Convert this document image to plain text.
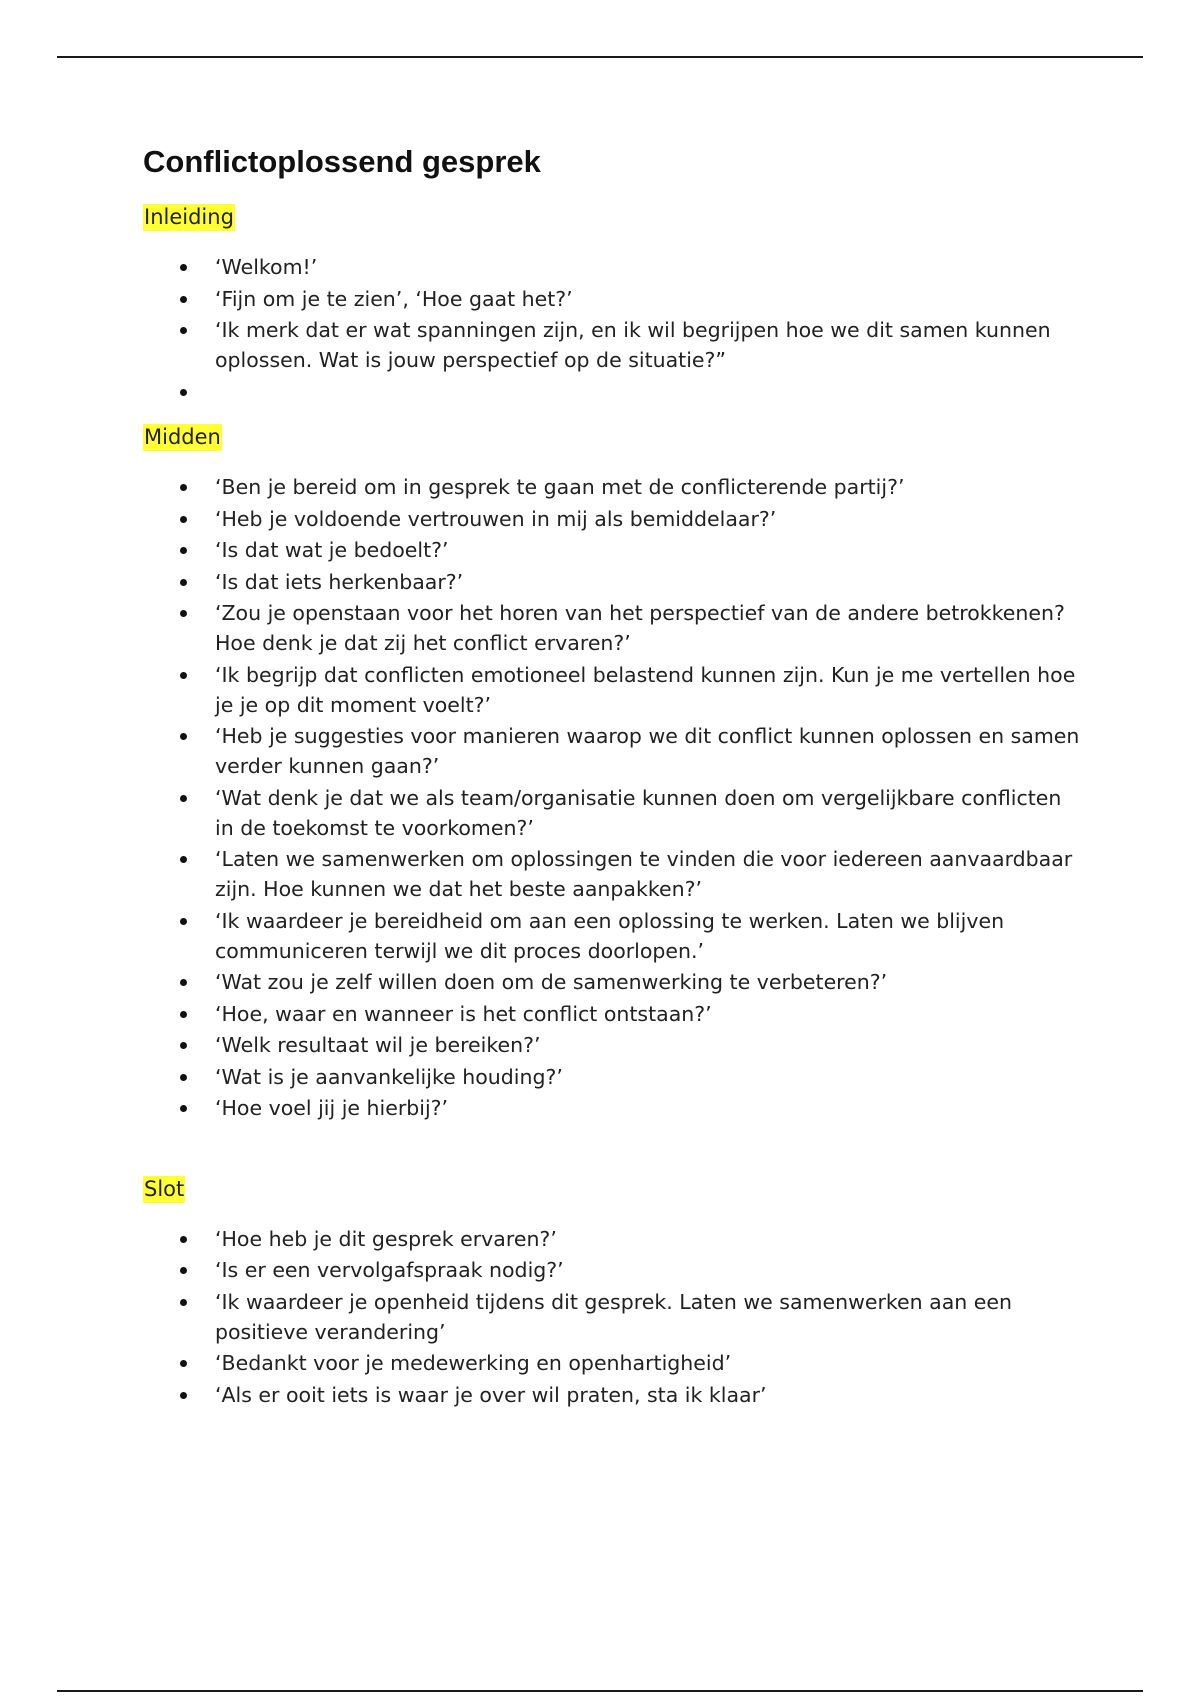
Conflictoplossend gesprek
Inleiding
‘Welkom!’
‘Fijn om je te zien’, ‘Hoe gaat het?’
‘Ik merk dat er wat spanningen zijn, en ik wil begrijpen hoe we dit samen kunnen oplossen. Wat is jouw perspectief op de situatie?”
Midden
‘Ben je bereid om in gesprek te gaan met de conflicterende partij?’
‘Heb je voldoende vertrouwen in mij als bemiddelaar?’
‘Is dat wat je bedoelt?’
‘Is dat iets herkenbaar?’
‘Zou je openstaan voor het horen van het perspectief van de andere betrokkenen? Hoe denk je dat zij het conflict ervaren?’
‘Ik begrijp dat conflicten emotioneel belastend kunnen zijn. Kun je me vertellen hoe je je op dit moment voelt?’
‘Heb je suggesties voor manieren waarop we dit conflict kunnen oplossen en samen verder kunnen gaan?’
‘Wat denk je dat we als team/organisatie kunnen doen om vergelijkbare conflicten in de toekomst te voorkomen?’
‘Laten we samenwerken om oplossingen te vinden die voor iedereen aanvaardbaar zijn. Hoe kunnen we dat het beste aanpakken?’
‘Ik waardeer je bereidheid om aan een oplossing te werken. Laten we blijven communiceren terwijl we dit proces doorlopen.’
‘Wat zou je zelf willen doen om de samenwerking te verbeteren?’
‘Hoe, waar en wanneer is het conflict ontstaan?’
‘Welk resultaat wil je bereiken?’
‘Wat is je aanvankelijke houding?’
‘Hoe voel jij je hierbij?’

Slot
‘Hoe heb je dit gesprek ervaren?’
‘Is er een vervolgafspraak nodig?’
‘Ik waardeer je openheid tijdens dit gesprek. Laten we samenwerken aan een positieve verandering’
‘Bedankt voor je medewerking en openhartigheid’
‘Als er ooit iets is waar je over wil praten, sta ik klaar’
